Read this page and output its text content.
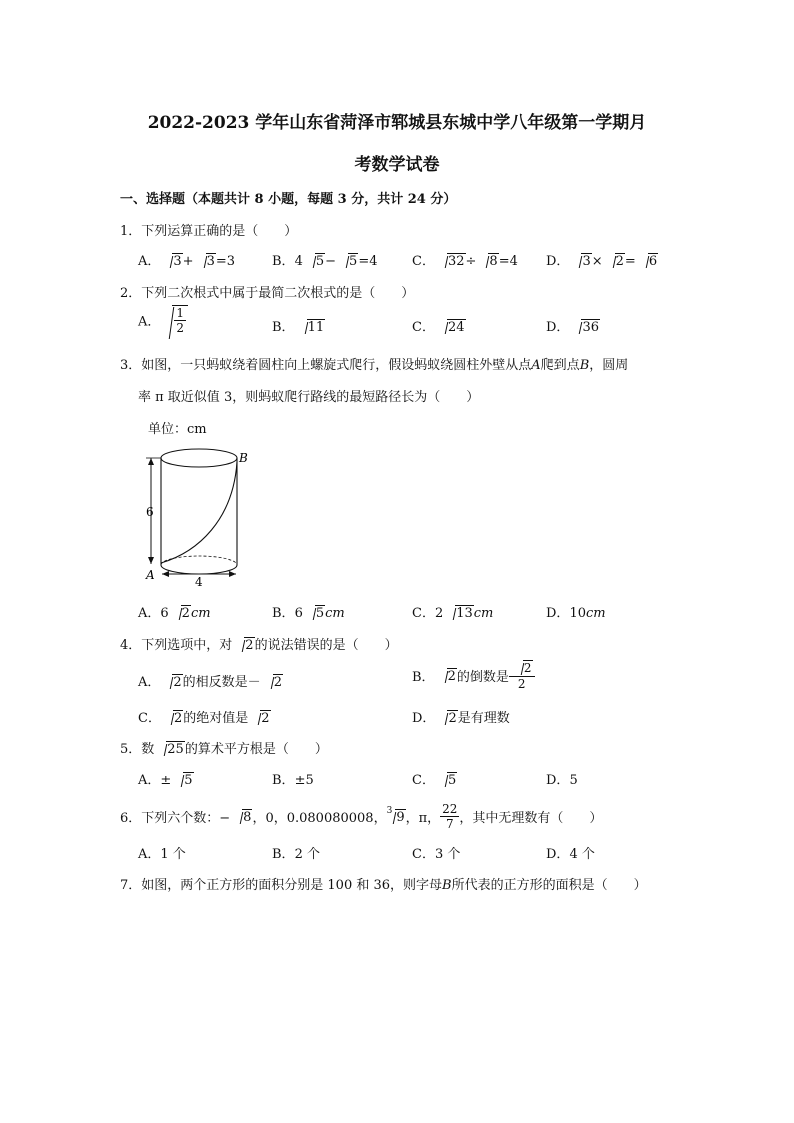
2022-2023 学年山东省菏泽市郓城县东城中学八年级第一学期月
考数学试卷
一、选择题（本题共计 8 小题，每题 3 分，共计 24 分）
1．下列运算正确的是（　　）
A． 3+ 3=3	B．4 5− 5=4	C． 32÷ 8=4 D． 3× 2= 6
2．下列二次根式中属于最简二次根式的是（　　）
A． $\frac{1}{2}$	B． 11	C． 24	D． 36
3．如图，一只蚂蚁绕着圆柱向上螺旋式爬行，假设蚂蚁绕圆柱外壁从点A爬到点B，圆周
率 π 取近似值 3，则蚂蚁爬行路线的最短路径长为（　　）
单位：cm
6
4
B
A
A．6 2cm	B．6 5cm	C．2 13cm	D．10cm
4．下列选项中，对 2的说法错误的是（　　）
A． 2的相反数是－ 2	B． 2的倒数是 $\frac{2}{2}$
C． 2的绝对值是 2	D． 2是有理数
5．数 25的算术平方根是（　　）
A．± 5	B．±5	C． 5	D．5
6．下列六个数：− 8，0，0.080080008，$^3$ 9，π， $\frac{22}{7}$ ，其中无理数有（　　）
A．1 个	B．2 个	C．3 个	D．4 个
7．如图，两个正方形的面积分别是 100 和 36，则字母B所代表的正方形的面积是（　　）
